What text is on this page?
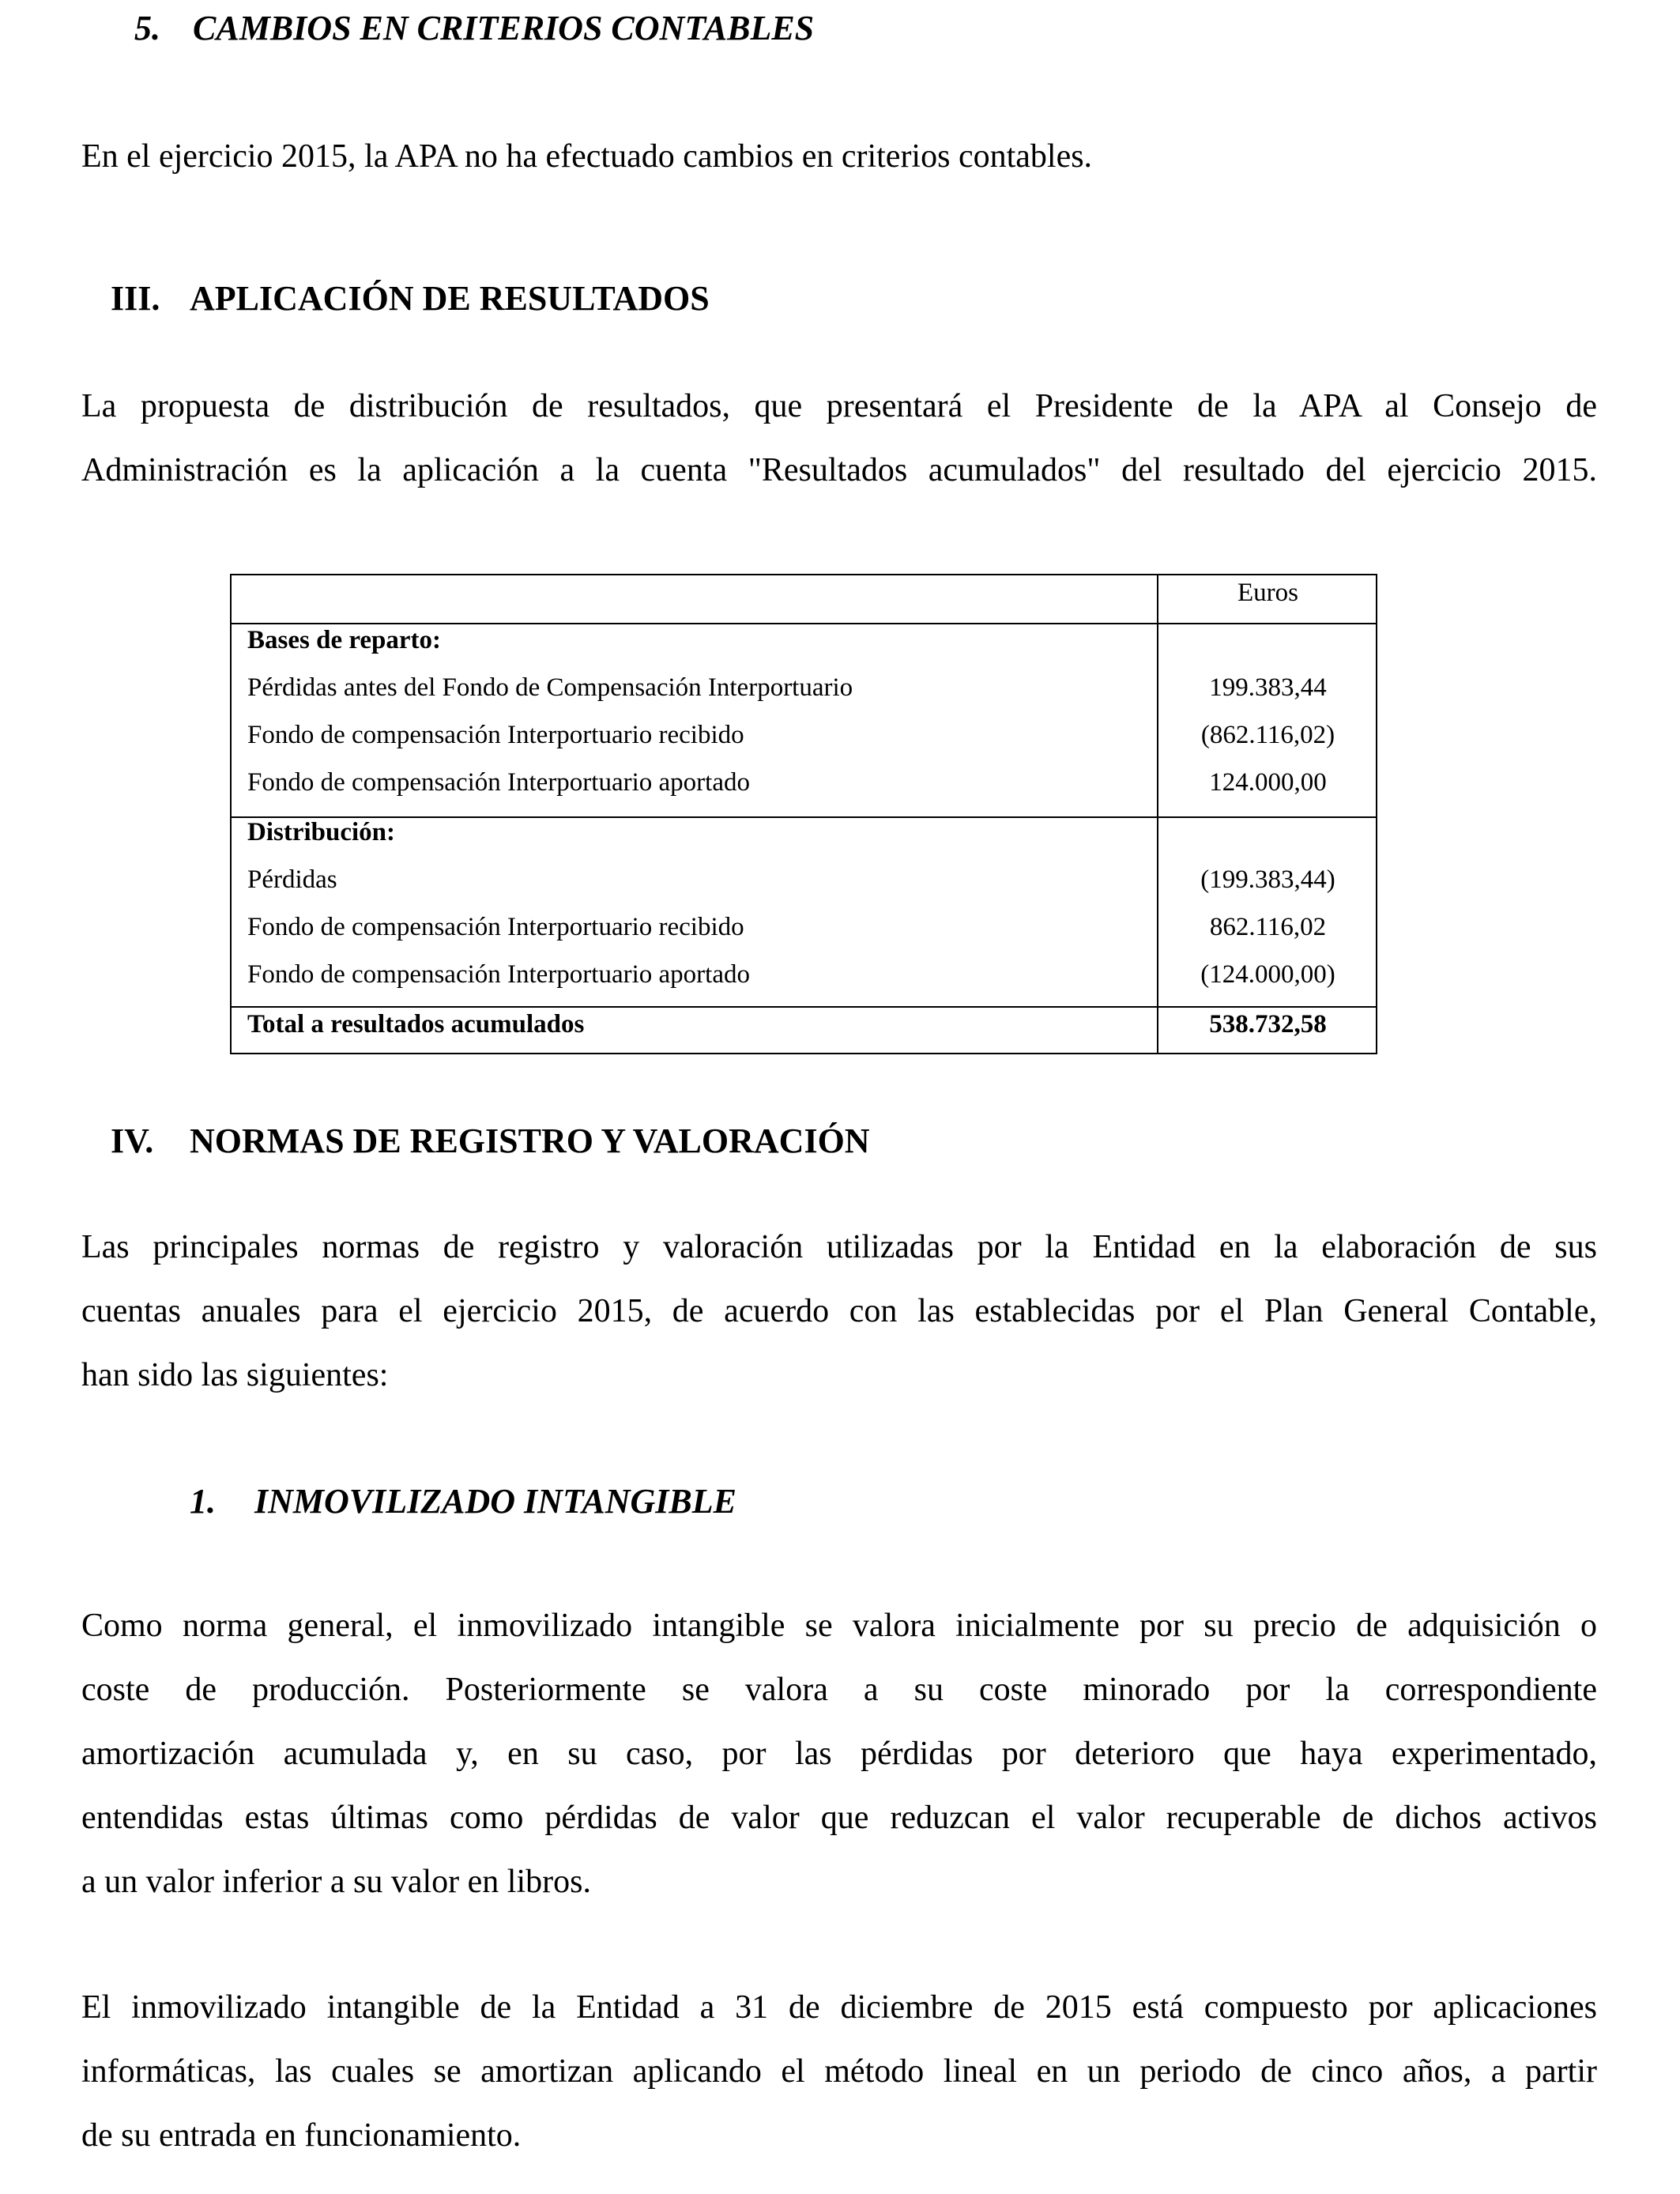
5. CAMBIOS EN CRITERIOS CONTABLES

En el ejercicio 2015, la APA no ha efectuado cambios en criterios contables.

III. APLICACIÓN DE RESULTADOS

La propuesta de distribución de resultados, que presentará el Presidente de la APA al Consejo de
Administración es la aplicación a la cuenta "Resultados acumulados" del resultado del ejercicio 2015.

Euros
Bases de reparto:
Pérdidas antes del Fondo de Compensación Interportuario	199.383,44
Fondo de compensación Interportuario recibido	(862.116,02)
Fondo de compensación Interportuario aportado	124.000,00
Distribución:
Pérdidas	(199.383,44)
Fondo de compensación Interportuario recibido	862.116,02
Fondo de compensación Interportuario aportado	(124.000,00)
Total a resultados acumulados	538.732,58
IV. NORMAS DE REGISTRO Y VALORACIÓN

Las principales normas de registro y valoración utilizadas por la Entidad en la elaboración de sus
cuentas anuales para el ejercicio 2015, de acuerdo con las establecidas por el Plan General Contable,
han sido las siguientes:

1. INMOVILIZADO INTANGIBLE

Como norma general, el inmovilizado intangible se valora inicialmente por su precio de adquisición o
coste de producción. Posteriormente se valora a su coste minorado por la correspondiente
amortización acumulada y, en su caso, por las pérdidas por deterioro que haya experimentado,
entendidas estas últimas como pérdidas de valor que reduzcan el valor recuperable de dichos activos
a un valor inferior a su valor en libros.

El inmovilizado intangible de la Entidad a 31 de diciembre de 2015 está compuesto por aplicaciones
informáticas, las cuales se amortizan aplicando el método lineal en un periodo de cinco años, a partir
de su entrada en funcionamiento.
